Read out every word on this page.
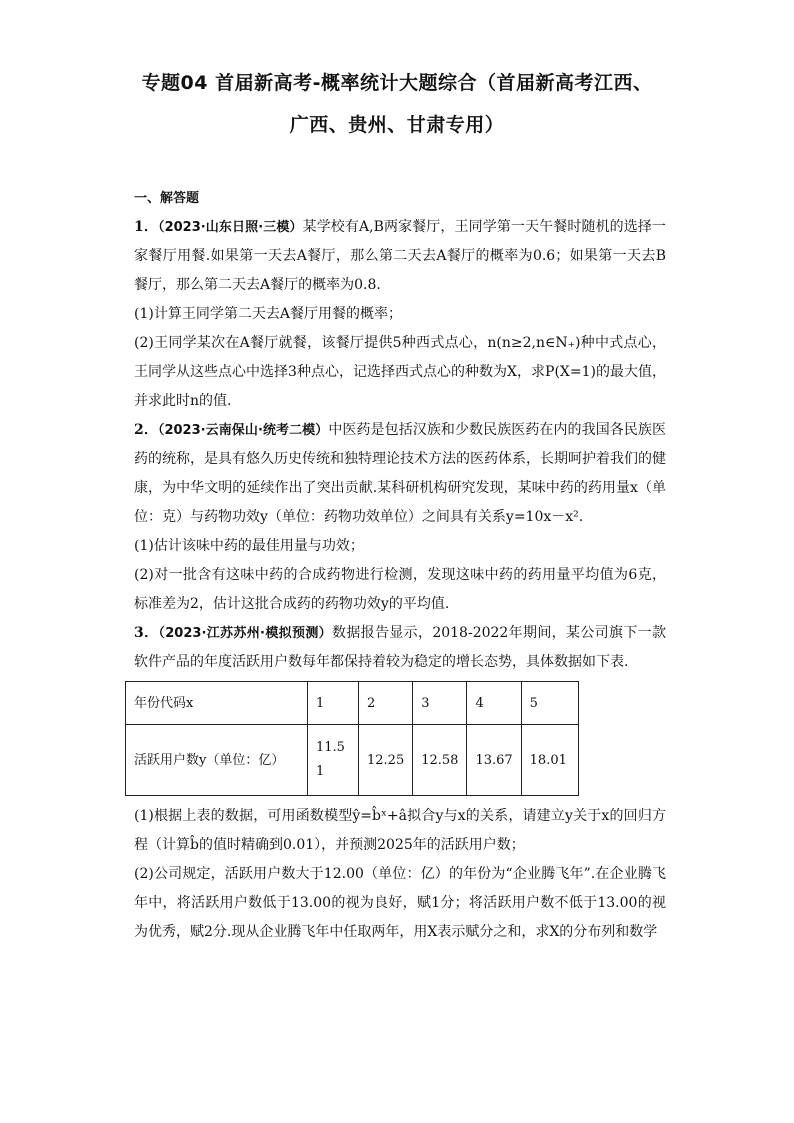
专题04 首届新高考-概率统计大题综合（首届新高考江西、
广西、贵州、甘肃专用）
一、解答题

1．（2023·山东日照·三模）某学校有A,B两家餐厅，王同学第一天午餐时随机的选择一家餐厅用餐.如果第一天去A餐厅，那么第二天去A餐厅的概率为0.6；如果第一天去B餐厅，那么第二天去A餐厅的概率为0.8.

(1)计算王同学第二天去A餐厅用餐的概率；

(2)王同学某次在A餐厅就餐，该餐厅提供5种西式点心，n(n≥2,n∈N₊)种中式点心，王同学从这些点心中选择3种点心，记选择西式点心的种数为X，求P(X=1)的最大值，并求此时n的值.

2．（2023·云南保山·统考二模）中医药是包括汉族和少数民族医药在内的我国各民族医药的统称，是具有悠久历史传统和独特理论技术方法的医药体系，长期呵护着我们的健康，为中华文明的延续作出了突出贡献.某科研机构研究发现，某味中药的药用量x（单位：克）与药物功效y（单位：药物功效单位）之间具有关系y=10x－x².

(1)估计该味中药的最佳用量与功效；

(2)对一批含有这味中药的合成药物进行检测，发现这味中药的药用量平均值为6克，标准差为2，估计这批合成药的药物功效y的平均值.

3．（2023·江苏苏州·模拟预测）数据报告显示，2018-2022年期间，某公司旗下一款软件产品的年度活跃用户数每年都保持着较为稳定的增长态势，具体数据如下表.

年份代码x	1	2	3	4	5
活跃用户数y（单位：亿）	11.51	12.25	12.58	13.67	18.01

(1)根据上表的数据，可用函数模型ŷ=b̂ˣ+â拟合y与x的关系，请建立y关于x的回归方程（计算b̂的值时精确到0.01），并预测2025年的活跃用户数；

(2)公司规定，活跃用户数大于12.00（单位：亿）的年份为“企业腾飞年”.在企业腾飞年中，将活跃用户数低于13.00的视为良好，赋1分；将活跃用户数不低于13.00的视为优秀，赋2分.现从企业腾飞年中任取两年，用X表示赋分之和，求X的分布列和数学
